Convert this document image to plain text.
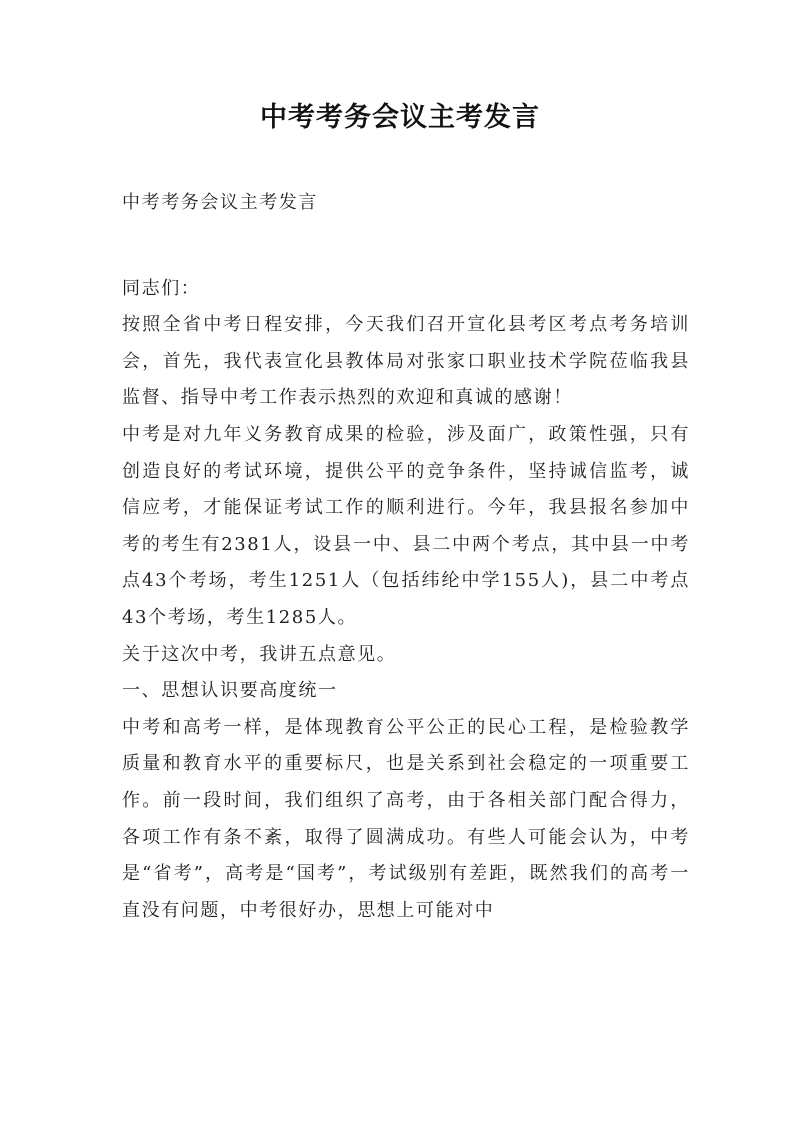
中考考务会议主考发言

中考考务会议主考发言

同志们：

按照全省中考日程安排，今天我们召开宣化县考区考点考务培训会，首先，我代表宣化县教体局对张家口职业技术学院莅临我县监督、指导中考工作表示热烈的欢迎和真诚的感谢！

中考是对九年义务教育成果的检验，涉及面广，政策性强，只有创造良好的考试环境，提供公平的竞争条件，坚持诚信监考，诚信应考，才能保证考试工作的顺利进行。今年，我县报名参加中考的考生有2381人，设县一中、县二中两个考点，其中县一中考点43个考场，考生1251人（包括纬纶中学155人)，县二中考点43个考场，考生1285人。

关于这次中考，我讲五点意见。

一、思想认识要高度统一

中考和高考一样，是体现教育公平公正的民心工程，是检验教学质量和教育水平的重要标尺，也是关系到社会稳定的一项重要工作。前一段时间，我们组织了高考，由于各相关部门配合得力，各项工作有条不紊，取得了圆满成功。有些人可能会认为，中考是“省考”，高考是“国考”，考试级别有差距，既然我们的高考一直没有问题，中考很好办，思想上可能对中
